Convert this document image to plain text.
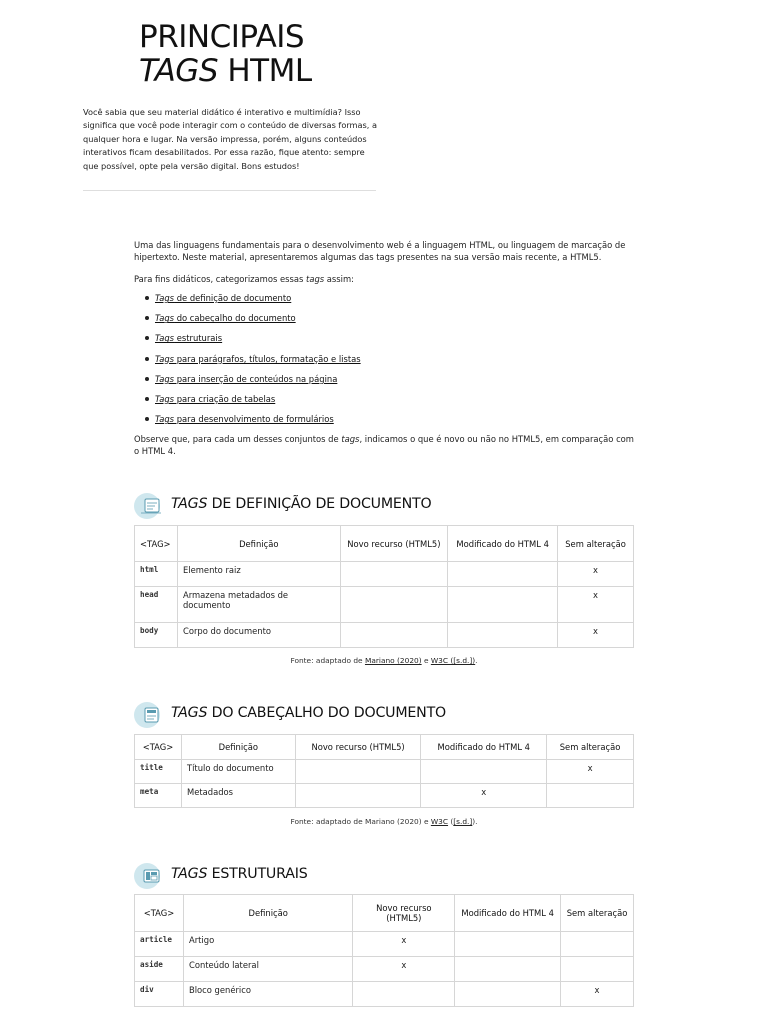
PRINCIPAIS
TAGS HTML

Você sabia que seu material didático é interativo e multimídia? Isso significa que você pode interagir com o conteúdo de diversas formas, a qualquer hora e lugar. Na versão impressa, porém, alguns conteúdos interativos ficam desabilitados. Por essa razão, fique atento: sempre que possível, opte pela versão digital. Bons estudos!

Uma das linguagens fundamentais para o desenvolvimento web é a linguagem HTML, ou linguagem de marcação de hipertexto. Neste material, apresentaremos algumas das tags presentes na sua versão mais recente, a HTML5.

Para fins didáticos, categorizamos essas tags assim:

Tags de definição de documento
Tags do cabeçalho do documento
Tags estruturais
Tags para parágrafos, títulos, formatação e listas
Tags para inserção de conteúdos na página
Tags para criação de tabelas
Tags para desenvolvimento de formulários

Observe que, para cada um desses conjuntos de tags, indicamos o que é novo ou não no HTML5, em comparação com o HTML 4.

TAGS DE DEFINIÇÃO DE DOCUMENTO
<TAG>	Definição	Novo recurso (HTML5)	Modificado do HTML 4	Sem alteração
html	Elemento raiz			x
head	Armazena metadados de documento			x
body	Corpo do documento			x

Fonte: adaptado de Mariano (2020) e W3C ([s.d.]).

TAGS DO CABEÇALHO DO DOCUMENTO
<TAG>	Definição	Novo recurso (HTML5)	Modificado do HTML 4	Sem alteração
title	Título do documento			x
meta	Metadados		x	

Fonte: adaptado de Mariano (2020) e W3C ([s.d.]).

TAGS ESTRUTURAIS
<TAG>	Definição	Novo recurso (HTML5)	Modificado do HTML 4	Sem alteração
article	Artigo	x		
aside	Conteúdo lateral	x		
div	Bloco genérico			x
